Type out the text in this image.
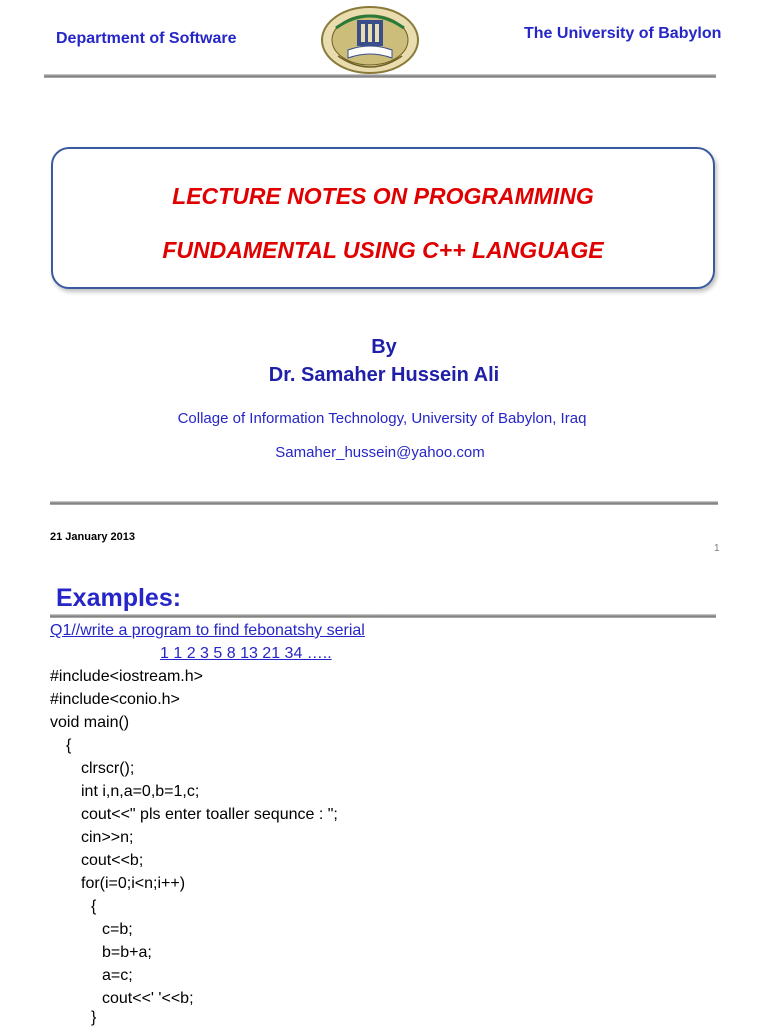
Department of Software	The University of Babylon
LECTURE NOTES ON PROGRAMMING
FUNDAMENTAL USING C++ LANGUAGE
By
Dr. Samaher Hussein Ali
Collage of Information Technology, University of Babylon, Iraq
Samaher_hussein@yahoo.com
21 January 2013
1
Examples:
Q1//write a program to find febonatshy serial
1 1 2 3 5 8 13 21 34 …..
#include<iostream.h>
#include<conio.h>
void main()
{
clrscr();
int i,n,a=0,b=1,c;
cout<<" pls enter toaller sequnce : ";
cin>>n;
cout<<b;
for(i=0;i<n;i++)
{
c=b;
b=b+a;
a=c;
cout<<' '<<b;
}
